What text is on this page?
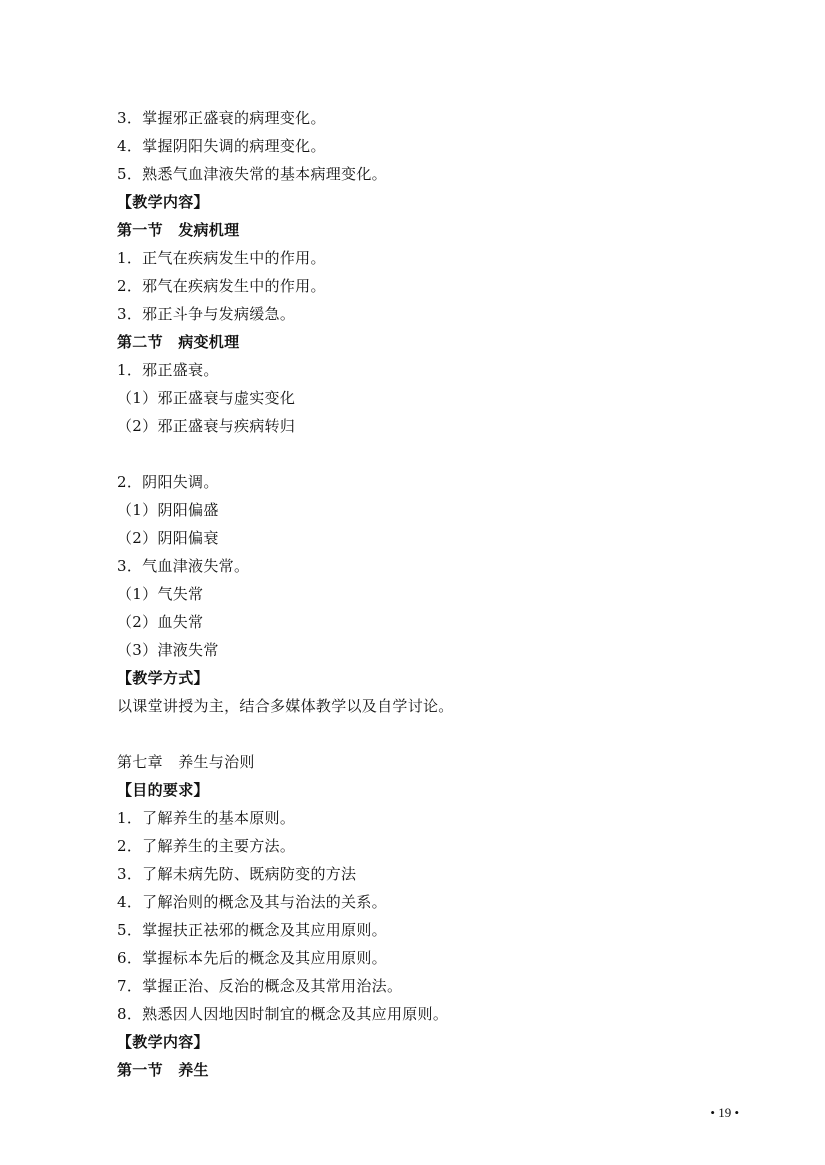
3．掌握邪正盛衰的病理变化。
4．掌握阴阳失调的病理变化。
5．熟悉气血津液失常的基本病理变化。
【教学内容】
第一节　发病机理
1．正气在疾病发生中的作用。
2．邪气在疾病发生中的作用。
3．邪正斗争与发病缓急。
第二节　病变机理
1．邪正盛衰。
（1）邪正盛衰与虚实变化
（2）邪正盛衰与疾病转归
2．阴阳失调。
（1）阴阳偏盛
（2）阴阳偏衰
3．气血津液失常。
（1）气失常
（2）血失常
（3）津液失常
【教学方式】
以课堂讲授为主，结合多媒体教学以及自学讨论。
第七章　养生与治则
【目的要求】
1．了解养生的基本原则。
2．了解养生的主要方法。
3．了解未病先防、既病防变的方法
4．了解治则的概念及其与治法的关系。
5．掌握扶正祛邪的概念及其应用原则。
6．掌握标本先后的概念及其应用原则。
7．掌握正治、反治的概念及其常用治法。
8．熟悉因人因地因时制宜的概念及其应用原则。
【教学内容】
第一节　养生
• 19 •
